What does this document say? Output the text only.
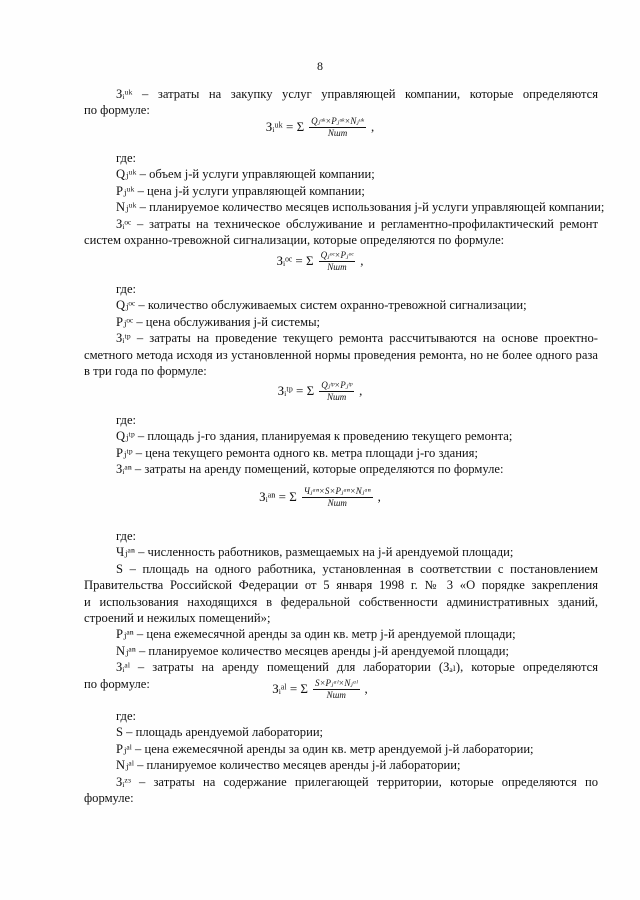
8
Зᵢᵘᵏ – затраты на закупку услуг управляющей компании, которые определяются
по формуле:
где:
Qⱼᵘᵏ – объем j-й услуги управляющей компании;
Pⱼᵘᵏ – цена j-й услуги управляющей компании;
Nⱼᵘᵏ – планируемое количество месяцев использования j-й услуги управляющей компании;
Зᵢᵒᶜ – затраты на техническое обслуживание и регламентно-профилактический ремонт
систем охранно-тревожной сигнализации, которые определяются по формуле:
где:
Qⱼᵒᶜ – количество обслуживаемых систем охранно-тревожной сигнализации;
Pⱼᵒᶜ – цена обслуживания j-й системы;
Зᵢᵗᵖ – затраты на проведение текущего ремонта рассчитываются на основе проектно-
сметного метода исходя из установленной нормы проведения ремонта, но не более одного раза
в три года по формуле:
где:
Qⱼᵗᵖ – площадь j-го здания, планируемая к проведению текущего ремонта;
Pⱼᵗᵖ – цена текущего ремонта одного кв. метра площади j-го здания;
Зᵢᵃⁿ – затраты на аренду помещений, которые определяются по формуле:
где:
Чⱼᵃⁿ – численность работников, размещаемых на j-й арендуемой площади;
S – площадь на одного работника, установленная в соответствии с постановлением
Правительства Российской Федерации от 5 января 1998 г. № 3 «О порядке закрепления
и использования находящихся в федеральной собственности административных зданий,
строений и нежилых помещений»;
Pⱼᵃⁿ – цена ежемесячной аренды за один кв. метр j-й арендуемой площади;
Nⱼᵃⁿ – планируемое количество месяцев аренды j-й арендуемой площади;
Зᵢᵃˡ – затраты на аренду помещений для лаборатории (Зₐₗ), которые определяются
по формуле:
где:
S – площадь арендуемой лаборатории;
Pⱼᵃˡ – цена ежемесячной аренды за один кв. метр арендуемой j-й лаборатории;
Nⱼᵃˡ – планируемое количество месяцев аренды j-й лаборатории;
Зᵢᶻᶟ – затраты на содержание прилегающей территории, которые определяются по
формуле:
Зᵢᵘᵏ = Σ $\frac{\text{Qⱼᵘᵏ×Pⱼᵘᵏ×Nⱼᵘᵏ}}{\text{Nшт}}$ ,
Зᵢᵒᶜ = Σ $\frac{\text{Qⱼᵒᶜ×Pⱼᵒᶜ}}{\text{Nшт}}$ ,
Зᵢᵗᵖ = Σ $\frac{\text{Qⱼᵗᵖ×Pⱼᵗᵖ}}{\text{Nшт}}$ ,
Зᵢᵃⁿ = Σ $\frac{\text{Чⱼᵃⁿ×S×Pⱼᵃⁿ×Nⱼᵃⁿ}}{\text{Nшт}}$ ,
Зᵢᵃˡ = Σ $\frac{\text{S×Pⱼᵃˡ×Nⱼᵃˡ}}{\text{Nшт}}$ ,
